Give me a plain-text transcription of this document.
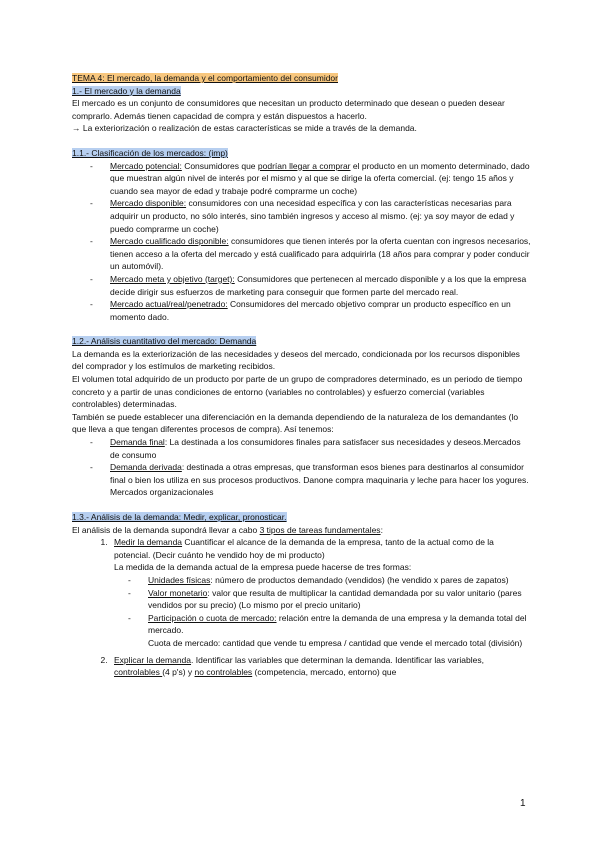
TEMA 4: El mercado, la demanda y el comportamiento del consumidor

1.- El mercado y la demanda

El mercado es un conjunto de consumidores que necesitan un producto determinado que desean o pueden desear comprarlo. Además tienen capacidad de compra y están dispuestos a hacerlo.

→ La exteriorización o realización de estas características se mide a través de la demanda.

1.1.- Clasificación de los mercados: (imp)

- Mercado potencial: Consumidores que podrían llegar a comprar el producto en un momento determinado, dado que muestran algún nivel de interés por el mismo y al que se dirige la oferta comercial. (ej: tengo 15 años y cuando sea mayor de edad y trabaje podré comprarme un coche)
- Mercado disponible: consumidores con una necesidad específica y con las características necesarias para adquirir un producto, no sólo interés, sino también ingresos y acceso al mismo. (ej: ya soy mayor de edad y puedo comprarme un coche)
- Mercado cualificado disponible: consumidores que tienen interés por la oferta cuentan con ingresos necesarios, tienen acceso a la oferta del mercado y está cualificado para adquirirla (18 años para comprar y poder conducir un automóvil).
- Mercado meta y objetivo (target): Consumidores que pertenecen al mercado disponible y a los que la empresa decide dirigir sus esfuerzos de marketing para conseguir que formen parte del mercado real.
- Mercado actual/real/penetrado: Consumidores del mercado objetivo comprar un producto específico en un momento dado.

1.2.- Análisis cuantitativo del mercado: Demanda

La demanda es la exteriorización de las necesidades y deseos del mercado, condicionada por los recursos disponibles del comprador y los estímulos de marketing recibidos.

El volumen total adquirido de un producto por parte de un grupo de compradores determinado, es un periodo de tiempo concreto y a partir de unas condiciones de entorno (variables no controlables) y esfuerzo comercial (variables controlables) determinadas.

También se puede establecer una diferenciación en la demanda dependiendo de la naturaleza de los demandantes (lo que lleva a que tengan diferentes procesos de compra). Así tenemos:

- Demanda final: La destinada a los consumidores finales para satisfacer sus necesidades y deseos.Mercados de consumo
- Demanda derivada: destinada a otras empresas, que transforman esos bienes para destinarlos al consumidor final o bien los utiliza en sus procesos productivos. Danone compra maquinaria y leche para hacer los yogures. Mercados organizacionales

1.3.- Análisis de la demanda: Medir, explicar, pronosticar.

El análisis de la demanda supondrá llevar a cabo 3 tipos de tareas fundamentales:

1. Medir la demanda Cuantificar el alcance de la demanda de la empresa, tanto de la actual como de la potencial. (Decir cuánto he vendido hoy de mi producto)

La medida de la demanda actual de la empresa puede hacerse de tres formas:

- Unidades físicas: número de productos demandado (vendidos) (he vendido x pares de zapatos)
- Valor monetario: valor que resulta de multiplicar la cantidad demandada por su valor unitario (pares vendidos por su precio) (Lo mismo por el precio unitario)
- Participación o cuota de mercado: relación entre la demanda de una empresa y la demanda total del mercado.

Cuota de mercado: cantidad que vende tu empresa / cantidad que vende el mercado total (división)

2. Explicar la demanda. Identificar las variables que determinan la demanda. Identificar las variables, controlables (4 p's) y no controlables (competencia, mercado, entorno) que
1
